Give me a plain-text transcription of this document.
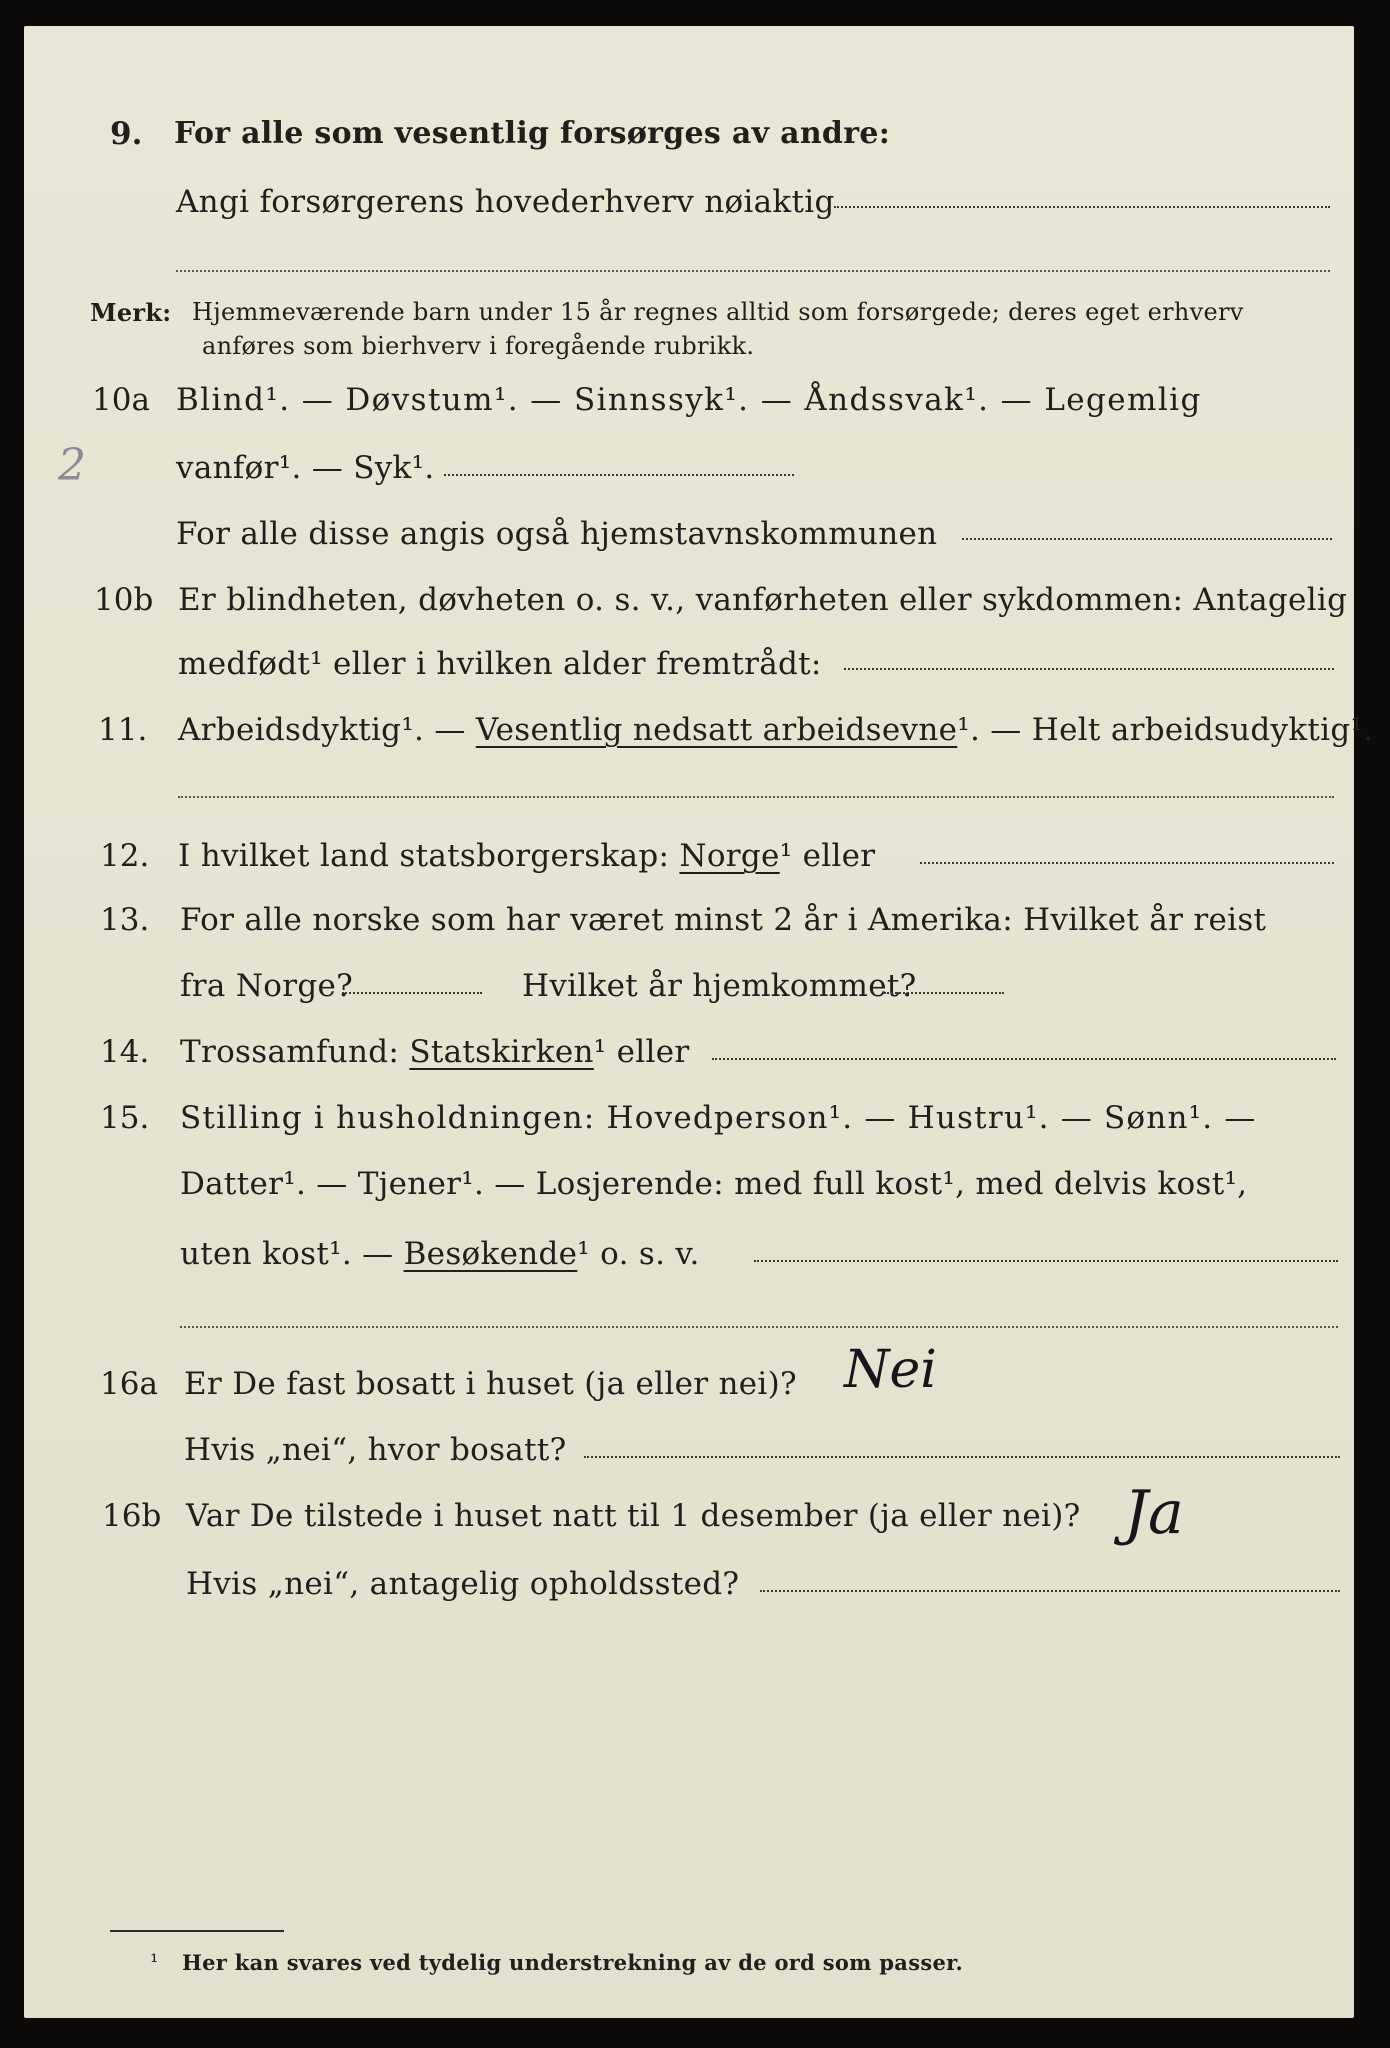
9. For alle som vesentlig forsørges av andre:
Angi forsørgerens hovederhverv nøiaktig
Merk: Hjemmeværende barn under 15 år regnes alltid som forsørgede; deres eget erhverv
anføres som bierhverv i foregående rubrikk.
10a Blind¹. — Døvstum¹. — Sinnssyk¹. — Åndssvak¹. — Legemlig
2	vanfør¹. — Syk¹.
For alle disse angis også hjemstavnskommunen
10b Er blindheten, døvheten o. s. v., vanførheten eller sykdommen: Antagelig
medfødt¹ eller i hvilken alder fremtrådt:
11. Arbeidsdyktig¹. — Vesentlig nedsatt arbeidsevne¹. — Helt arbeidsudyktig¹.
12. I hvilket land statsborgerskap: Norge¹ eller
13. For alle norske som har været minst 2 år i Amerika: Hvilket år reist
fra Norge?	Hvilket år hjemkommet?
14. Trossamfund: Statskirken¹ eller
15. Stilling i husholdningen: Hovedperson¹. — Hustru¹. — Sønn¹. —
Datter¹. — Tjener¹. — Losjerende: med full kost¹, med delvis kost¹,
uten kost¹. — Besøkende¹ o. s. v.
16a Er De fast bosatt i huset (ja eller nei)? Nei
Hvis „nei“, hvor bosatt?
16b Var De tilstede i huset natt til 1 desember (ja eller nei)? Ja
Hvis „nei“, antagelig opholdssted?
¹ Her kan svares ved tydelig understrekning av de ord som passer.
